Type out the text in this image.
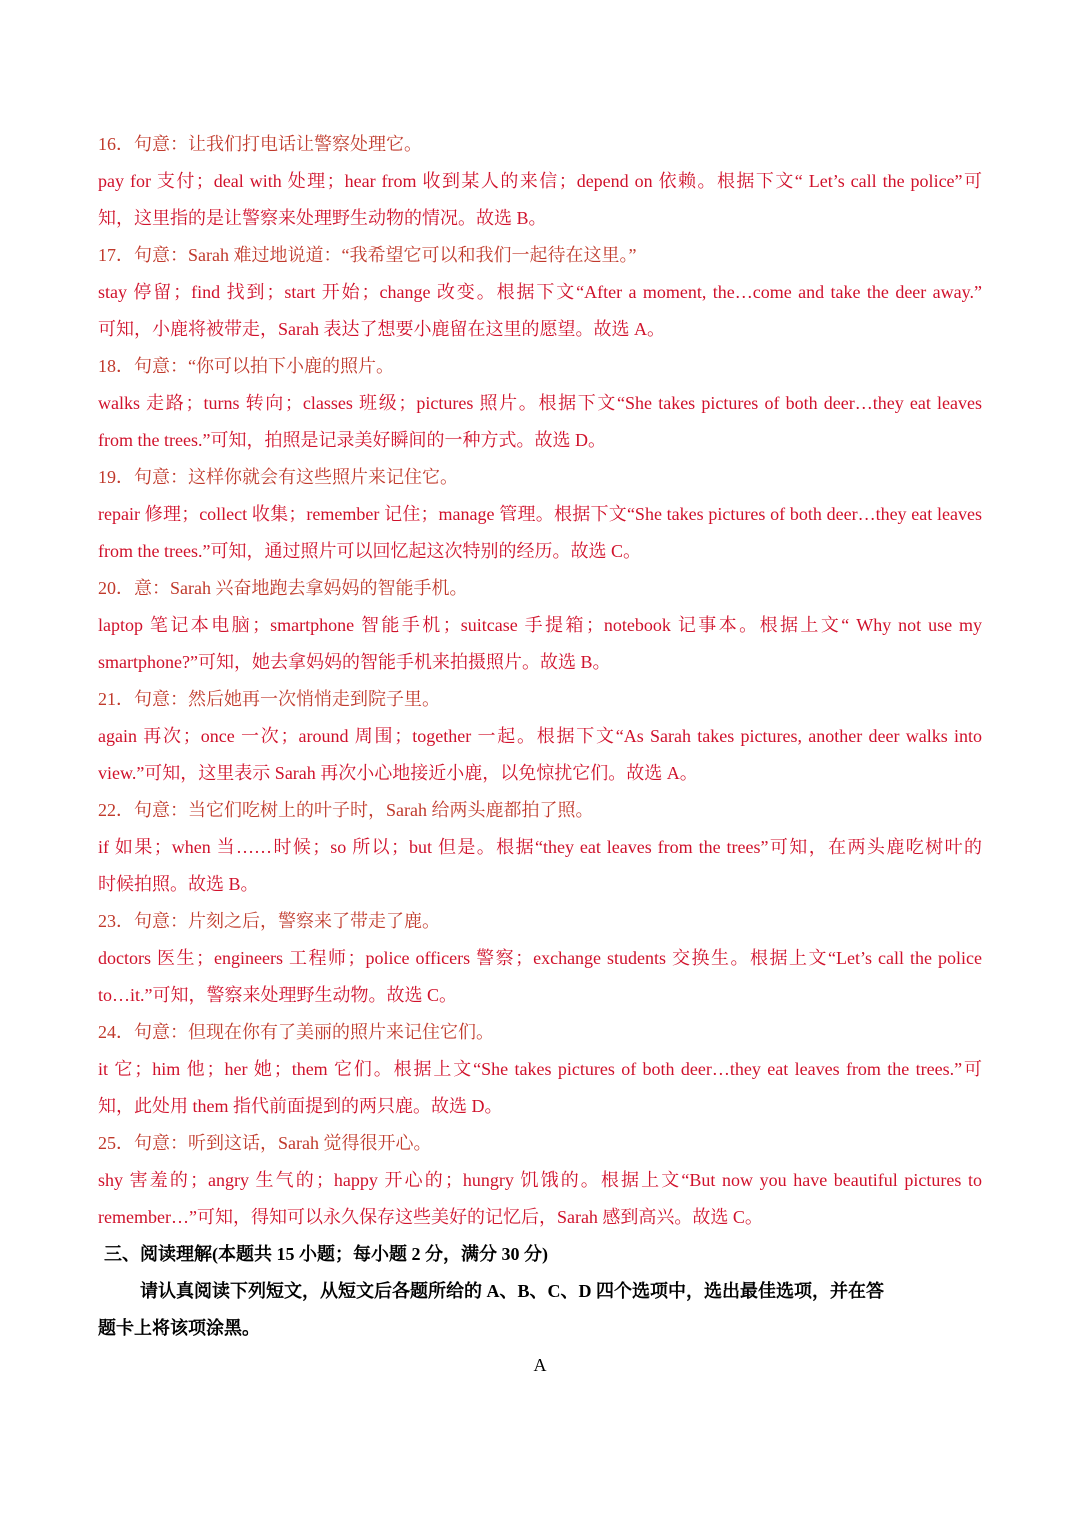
16．句意：让我们打电话让警察处理它。
pay for 支付；deal with 处理；hear from 收到某人的来信；depend on 依赖。根据下文“ Let’s call the police”可
知，这里指的是让警察来处理野生动物的情况。故选 B。
17．句意：Sarah 难过地说道：“我希望它可以和我们一起待在这里。”
stay 停留；find 找到；start 开始；change 改变。根据下文“After a moment, the…come and take the deer away.”
可知，小鹿将被带走，Sarah 表达了想要小鹿留在这里的愿望。故选 A。
18．句意：“你可以拍下小鹿的照片。
walks 走路；turns 转向；classes 班级；pictures 照片。根据下文“She takes pictures of both deer…they eat leaves
from the trees.”可知，拍照是记录美好瞬间的一种方式。故选 D。
19．句意：这样你就会有这些照片来记住它。
repair 修理；collect 收集；remember 记住；manage 管理。根据下文“She takes pictures of both deer…they eat leaves
from the trees.”可知，通过照片可以回忆起这次特别的经历。故选 C。
20．意：Sarah 兴奋地跑去拿妈妈的智能手机。
laptop 笔记本电脑；smartphone 智能手机；suitcase 手提箱；notebook 记事本。根据上文“ Why not use my
smartphone?”可知，她去拿妈妈的智能手机来拍摄照片。故选 B。
21．句意：然后她再一次悄悄走到院子里。
again 再次；once 一次；around 周围；together 一起。根据下文“As Sarah takes pictures, another deer walks into
view.”可知，这里表示 Sarah 再次小心地接近小鹿，以免惊扰它们。故选 A。
22．句意：当它们吃树上的叶子时，Sarah 给两头鹿都拍了照。
if 如果；when 当……时候；so 所以；but 但是。根据“they eat leaves from the trees”可知，在两头鹿吃树叶的
时候拍照。故选 B。
23．句意：片刻之后，警察来了带走了鹿。
doctors 医生；engineers 工程师；police officers 警察；exchange students 交换生。根据上文“Let’s call the police
to…it.”可知，警察来处理野生动物。故选 C。
24．句意：但现在你有了美丽的照片来记住它们。
it 它；him 他；her 她；them 它们。根据上文“She takes pictures of both deer…they eat leaves from the trees.”可
知，此处用 them 指代前面提到的两只鹿。故选 D。
25．句意：听到这话，Sarah 觉得很开心。
shy 害羞的；angry 生气的；happy 开心的；hungry 饥饿的。根据上文“But now you have beautiful pictures to
remember…”可知，得知可以永久保存这些美好的记忆后，Sarah 感到高兴。故选 C。
三、阅读理解(本题共 15 小题；每小题 2 分，满分 30 分)
请认真阅读下列短文，从短文后各题所给的 A、B、C、D 四个选项中，选出最佳选项，并在答
题卡上将该项涂黑。
A
